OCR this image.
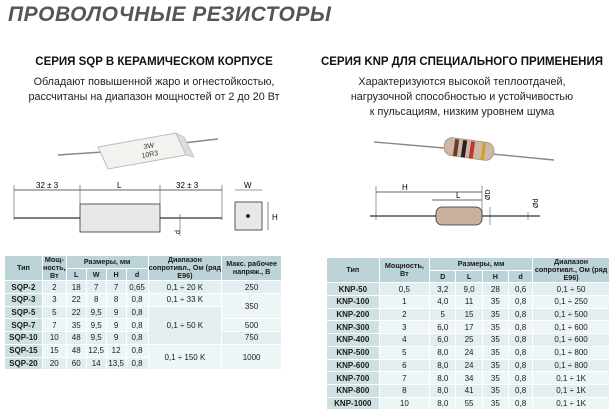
ПРОВОЛОЧНЫЕ РЕЗИСТОРЫ
СЕРИЯ SQP В КЕРАМИЧЕСКОМ КОРПУСЕ
Обладают повышенной жаро и огнестойкостью,
рассчитаны на диапазон мощностей от 2 до 20 Вт
3W
10R3
32 ± 3	L	32 ± 3
d
W
H
Тип	Мощ-ность, Вт	Размеры, мм				Диапазон сопротивл., Ом (ряд E96)	Макс. рабочее напряж., В
		L	W	H	d		
SQP-2	2	18	7	7	0,65	0,1 ÷ 20 K	250
SQP-3	3	22	8	8	0,8	0,1 ÷ 33 K	350
SQP-5	5	22	9,5	9	0,8	0,1 ÷ 50 K	
SQP-7	7	35	9,5	9	0,8		500
SQP-10	10	48	9,5	9	0,8		750
SQP-15	15	48	12,5	12	0,8	0,1 ÷ 150 K	1000
SQP-20	20	60	14	13,5	0,8		
СЕРИЯ KNP ДЛЯ СПЕЦИАЛЬНОГО ПРИМЕНЕНИЯ
Характеризуются высокой теплоотдачей,
нагрузочной способностью и устойчивостью
к пульсациям, низким уровнем шума
H
L	ØD
Ød
Тип	Мощность, Вт	Размеры, мм				Диапазон сопротивл., Ом (ряд E96)
		D	L	H	d	
KNP-50	0,5	3,2	9,0	28	0,6	0,1 ÷ 50
KNP-100	1	4,0	11	35	0,8	0,1 ÷ 250
KNP-200	2	5	15	35	0,8	0,1 ÷ 500
KNP-300	3	6,0	17	35	0,8	0,1 ÷ 600
KNP-400	4	6,0	25	35	0,8	0,1 ÷ 600
KNP-500	5	8,0	24	35	0,8	0,1 ÷ 800
KNP-600	6	8,0	24	35	0,8	0,1 ÷ 800
KNP-700	7	8,0	34	35	0,8	0,1 ÷ 1K
KNP-800	8	8,0	41	35	0,8	0,1 ÷ 1K
KNP-1000	10	8,0	55	35	0,8	0,1 ÷ 1K
